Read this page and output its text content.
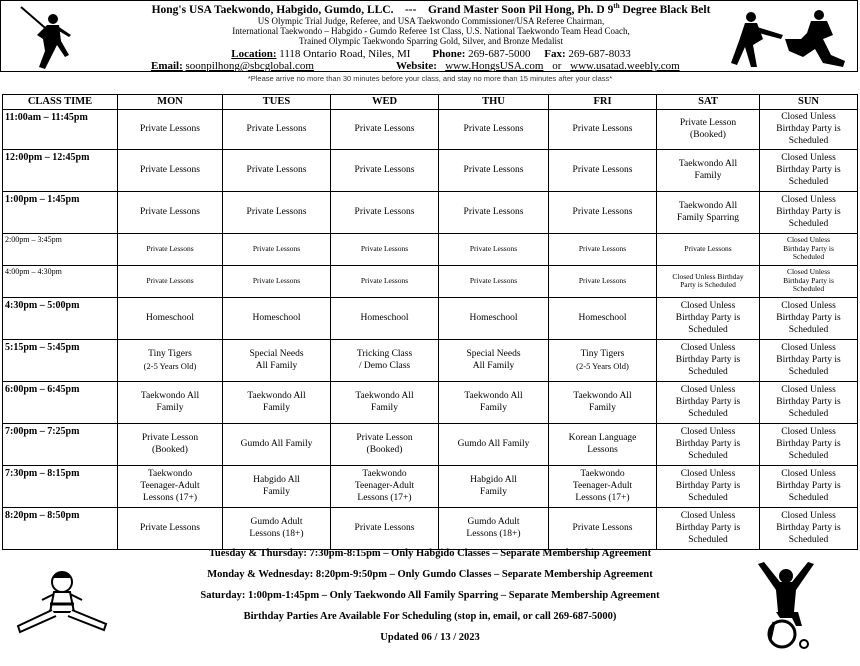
Hong's USA Taekwondo, Habgido, Gumdo, LLC. --- Grand Master Soon Pil Hong, Ph. D 9th Degree Black Belt
US Olympic Trial Judge, Referee, and USA Taekwondo Commissioner/USA Referee Chairman,
International Taekwondo – Habgido - Gumdo Referee 1st Class, U.S. National Taekwondo Team Head Coach,
Trained Olympic Taekwondo Sparring Gold, Silver, and Bronze Medalist
Location: 1118 Ontario Road, Niles, MI Phone: 269-687-5000 Fax: 269-687-8033
Email: soonpilhong@sbcglobal.com	Website: www.HongsUSA.com or www.usatad.weebly.com
*Please arrive no more than 30 minutes before your class, and stay no more than 15 minutes after your class*
CLASS TIME	MON	TUES	WED	THU	FRI	SAT	SUN
11:00am – 11:45pm	Private Lessons	Private Lessons	Private Lessons	Private Lessons	Private Lessons	Private Lesson
(Booked)	Closed Unless
Birthday Party is
Scheduled

12:00pm – 12:45pm	Private Lessons	Private Lessons	Private Lessons	Private Lessons	Private Lessons	Taekwondo All
Family	Closed Unless
Birthday Party is
Scheduled

1:00pm – 1:45pm	Private Lessons	Private Lessons	Private Lessons	Private Lessons	Private Lessons	Taekwondo All
Family Sparring	Closed Unless
Birthday Party is
Scheduled

2:00pm – 3:45pm	Private Lessons	Private Lessons	Private Lessons	Private Lessons	Private Lessons	Private Lessons	Closed Unless
Birthday Party is
Scheduled

4:00pm – 4:30pm	Private Lessons	Private Lessons	Private Lessons	Private Lessons	Private Lessons	Closed Unless Birthday
Party is Scheduled	Closed Unless
Birthday Party is
Scheduled

4:30pm – 5:00pm	Homeschool	Homeschool	Homeschool	Homeschool	Homeschool	Closed Unless
Birthday Party is
Scheduled	Closed Unless
Birthday Party is
Scheduled

5:15pm – 5:45pm	Tiny Tigers
(2-5 Years Old)	Special Needs
All Family	Tricking Class
/ Demo Class	Special Needs
All Family	Tiny Tigers
(2-5 Years Old)	Closed Unless
Birthday Party is
Scheduled	Closed Unless
Birthday Party is
Scheduled

6:00pm – 6:45pm	Taekwondo All
Family	Taekwondo All
Family	Taekwondo All
Family	Taekwondo All
Family	Taekwondo All
Family	Closed Unless
Birthday Party is
Scheduled	Closed Unless
Birthday Party is
Scheduled

7:00pm – 7:25pm	Private Lesson
(Booked)	Gumdo All Family	Private Lesson
(Booked)	Gumdo All Family	Korean Language
Lessons	Closed Unless
Birthday Party is
Scheduled	Closed Unless
Birthday Party is
Scheduled

7:30pm – 8:15pm	Taekwondo
Teenager-Adult
Lessons (17+)	Habgido All
Family	Taekwondo
Teenager-Adult
Lessons (17+)	Habgido All
Family	Taekwondo
Teenager-Adult
Lessons (17+)	Closed Unless
Birthday Party is
Scheduled	Closed Unless
Birthday Party is
Scheduled

8:20pm – 8:50pm	Private Lessons	Gumdo Adult
Lessons (18+)	Private Lessons	Gumdo Adult
Lessons (18+)	Private Lessons	Closed Unless
Birthday Party is
Scheduled	Closed Unless
Birthday Party is
Scheduled
Tuesday & Thursday: 7:30pm-8:15pm – Only Habgido Classes – Separate Membership Agreement
Monday & Wednesday: 8:20pm-9:50pm – Only Gumdo Classes – Separate Membership Agreement
Saturday: 1:00pm-1:45pm – Only Taekwondo All Family Sparring – Separate Membership Agreement
Birthday Parties Are Available For Scheduling (stop in, email, or call 269-687-5000)
Updated 06 / 13 / 2023
